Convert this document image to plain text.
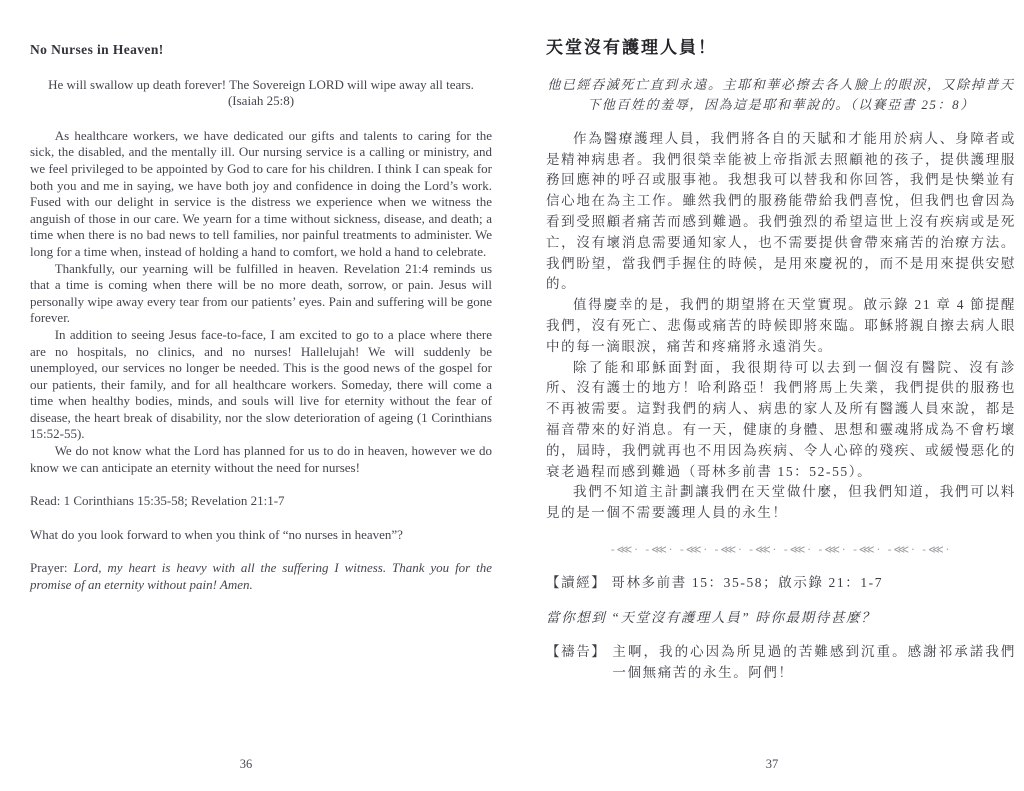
No Nurses in Heaven!
He will swallow up death forever! The Sovereign LORD will wipe away all tears.
(Isaiah 25:8)

As healthcare workers, we have dedicated our gifts and talents to caring for the sick, the disabled, and the mentally ill. Our nursing service is a calling or ministry, and we feel privileged to be appointed by God to care for his children. I think I can speak for both you and me in saying, we have both joy and confidence in doing the Lord’s work. Fused with our delight in service is the distress we experience when we witness the anguish of those in our care. We yearn for a time without sickness, disease, and death; a time when there is no bad news to tell families, nor painful treatments to administer. We long for a time when, instead of holding a hand to comfort, we hold a hand to celebrate.

Thankfully, our yearning will be fulfilled in heaven. Revelation 21:4 reminds us that a time is coming when there will be no more death, sorrow, or pain. Jesus will personally wipe away every tear from our patients’ eyes. Pain and suffering will be gone forever.

In addition to seeing Jesus face-to-face, I am excited to go to a place where there are no hospitals, no clinics, and no nurses! Hallelujah! We will suddenly be unemployed, our services no longer be needed. This is the good news of the gospel for our patients, their family, and for all healthcare workers. Someday, there will come a time when healthy bodies, minds, and souls will live for eternity without the fear of disease, the heart break of disability, nor the slow deterioration of ageing (1 Corinthians 15:52-55).

We do not know what the Lord has planned for us to do in heaven, however we do know we can anticipate an eternity without the need for nurses!

Read: 1 Corinthians 15:35-58; Revelation 21:1-7
What do you look forward to when you think of “no nurses in heaven”?
Prayer: Lord, my heart is heavy with all the suffering I witness. Thank you for the promise of an eternity without pain! Amen.
天堂沒有護理人員！
他已經吞滅死亡直到永遠。主耶和華必擦去各人臉上的眼淚，又除掉普天
下他百姓的羞辱，因為這是耶和華說的。（以賽亞書 25：8）

作為醫療護理人員，我們將各自的天賦和才能用於病人、身障者或是精神病患者。我們很榮幸能被上帝指派去照顧祂的孩子，提供護理服務回應神的呼召或服事祂。我想我可以替我和你回答，我們是快樂並有信心地在為主工作。雖然我們的服務能帶給我們喜悅，但我們也會因為看到受照顧者痛苦而感到難過。我們強烈的希望這世上沒有疾病或是死亡，沒有壞消息需要通知家人，也不需要提供會帶來痛苦的治療方法。我們盼望，當我們手握住的時候，是用來慶祝的，而不是用來提供安慰的。

值得慶幸的是，我們的期望將在天堂實現。啟示錄 21 章 4 節提醒我們，沒有死亡、悲傷或痛苦的時候即將來臨。耶穌將親自擦去病人眼中的每一滴眼淚，痛苦和疼痛將永遠消失。

除了能和耶穌面對面，我很期待可以去到一個沒有醫院、沒有診所、沒有護士的地方！哈利路亞！我們將馬上失業，我們提供的服務也不再被需要。這對我們的病人、病患的家人及所有醫護人員來說，都是福音帶來的好消息。有一天，健康的身體、思想和靈魂將成為不會朽壞的，屆時，我們就再也不用因為疾病、令人心碎的殘疾、或緩慢惡化的衰老過程而感到難過（哥林多前書 15：52-55）。

我們不知道主計劃讓我們在天堂做什麼，但我們知道，我們可以料見的是一個不需要護理人員的永生！

-⋘· -⋘· -⋘· -⋘· -⋘· -⋘· -⋘· -⋘· -⋘· -⋘·
【讀經】 哥林多前書 15：35-58；啟示錄 21：1-7
當你想到 “天堂沒有護理人員” 時你最期待甚麼？
【禱告】 主啊，我的心因為所見過的苦難感到沉重。感謝祁承諾我們一個無痛苦的永生。阿們！
36	37
